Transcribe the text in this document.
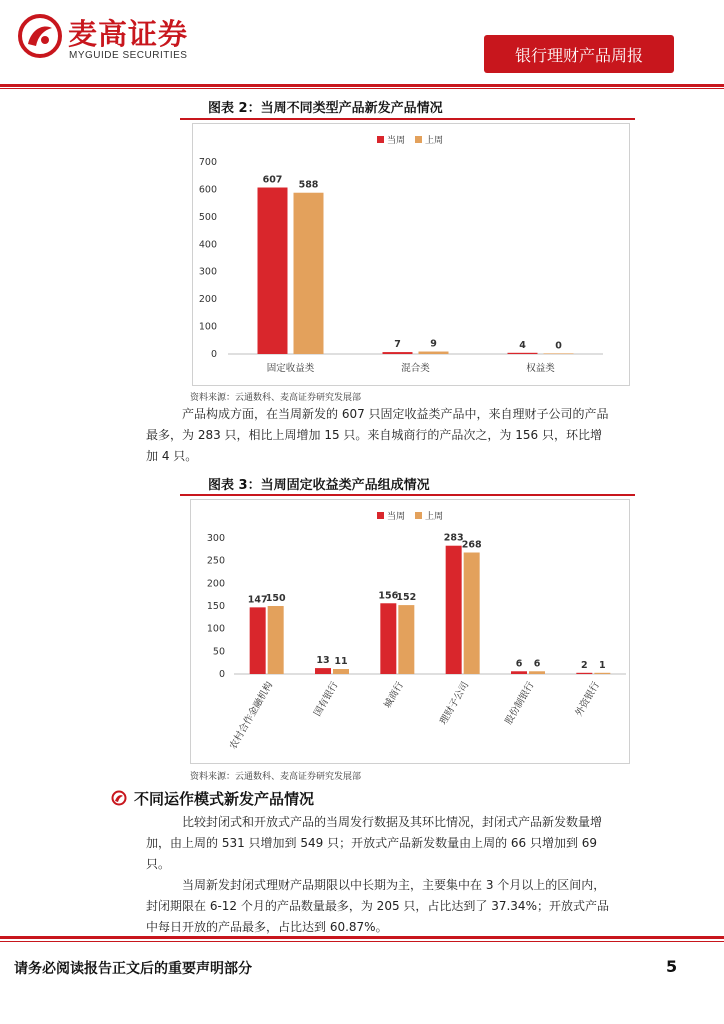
麦高证券
MYGUIDE SECURITIES	银行理财产品周报
图表 2：当周不同类型产品新发产品情况
当周 上周
0
100
200
300
400
500
600
700
607 588
固定收益类
7	9
混合类
4	0
权益类
资料来源：云通数科、麦高证券研究发展部
产品构成方面，在当周新发的 607 只固定收益类产品中，来自理财子公司的产品最多，为 283 只，相比上周增加 15 只。来自城商行的产品次之，为 156 只，环比增加 4 只。
图表 3：当周固定收益类产品组成情况
当周 上周
0
50
100
150
200
250
300
147
150
农村合作金融机构
13 11
国有银行
156
152
城商行
283
268
理财子公司
6 6
股份制银行
2 1
外资银行
资料来源：云通数科、麦高证券研究发展部
不同运作模式新发产品情况
比较封闭式和开放式产品的当周发行数据及其环比情况，封闭式产品新发数量增加，由上周的 531 只增加到 549 只；开放式产品新发数量由上周的 66 只增加到 69 只。
当周新发封闭式理财产品期限以中长期为主，主要集中在 3 个月以上的区间内，封闭期限在 6-12 个月的产品数量最多，为 205 只，占比达到了 37.34%；开放式产品中每日开放的产品最多，占比达到 60.87%。
请务必阅读报告正文后的重要声明部分	5
